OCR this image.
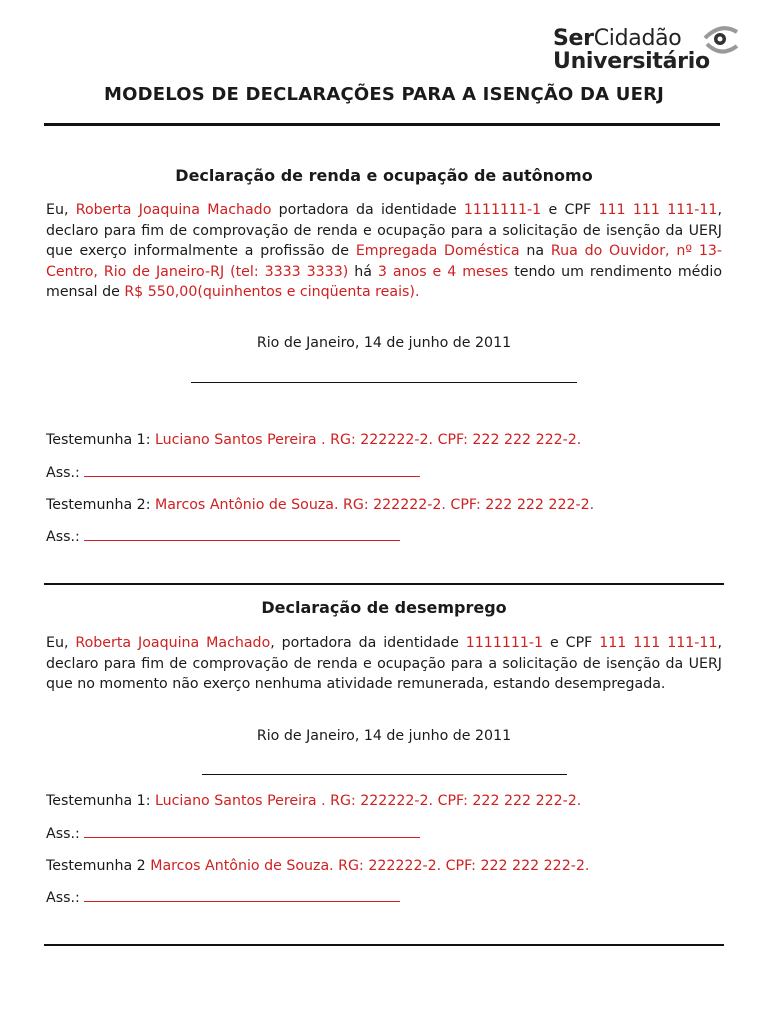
SerCidadão
Universitário
MODELOS DE DECLARAÇÕES PARA A ISENÇÃO DA UERJ
Declaração de renda e ocupação de autônomo
Eu, Roberta Joaquina Machado portadora da identidade 1111111-1 e CPF 111 111 111-11, declaro para fim de comprovação de renda e ocupação para a solicitação de isenção da UERJ que exerço informalmente a profissão de Empregada Doméstica na Rua do Ouvidor, nº 13- Centro, Rio de Janeiro-RJ (tel: 3333 3333) há 3 anos e 4 meses tendo um rendimento médio mensal de R$ 550,00(quinhentos e cinqüenta reais).
Rio de Janeiro, 14 de junho de 2011
Testemunha 1: Luciano Santos Pereira . RG: 222222-2. CPF: 222 222 222-2.
Ass.:
Testemunha 2: Marcos Antônio de Souza. RG: 222222-2. CPF: 222 222 222-2.
Ass.:
Declaração de desemprego
Eu, Roberta Joaquina Machado, portadora da identidade 1111111-1 e CPF 111 111 111-11, declaro para fim de comprovação de renda e ocupação para a solicitação de isenção da UERJ que no momento não exerço nenhuma atividade remunerada, estando desempregada.
Rio de Janeiro, 14 de junho de 2011
Testemunha 1: Luciano Santos Pereira . RG: 222222-2. CPF: 222 222 222-2.
Ass.:
Testemunha 2 Marcos Antônio de Souza. RG: 222222-2. CPF: 222 222 222-2.
Ass.:
